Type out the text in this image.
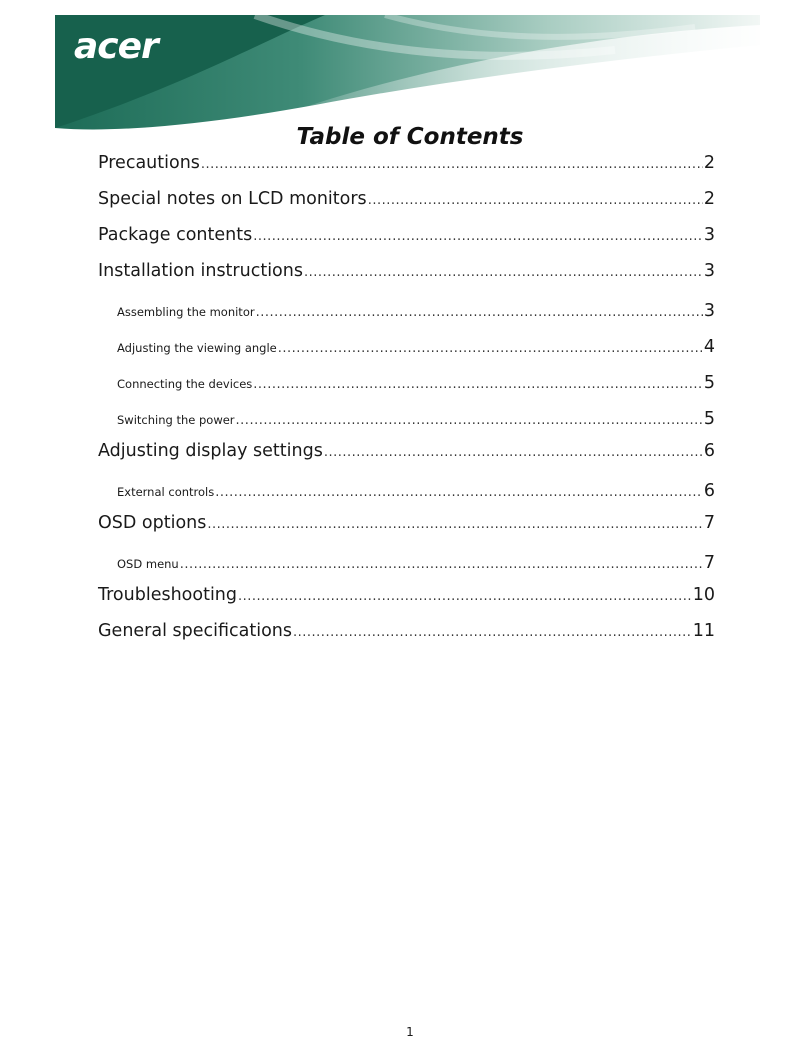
acer
Table of Contents
Precautions .....	2
Special notes on LCD monitors .....	2
Package contents .....	3
Installation instructions .....	3
Assembling the monitor .....	3
Adjusting the viewing angle .....	4
Connecting the devices .....	5
Switching the power .....	5
Adjusting display settings .....	6
External controls .....	6
OSD options .....	7
OSD menu .....	7
Troubleshooting .....	10
General specifications .....	11
1
